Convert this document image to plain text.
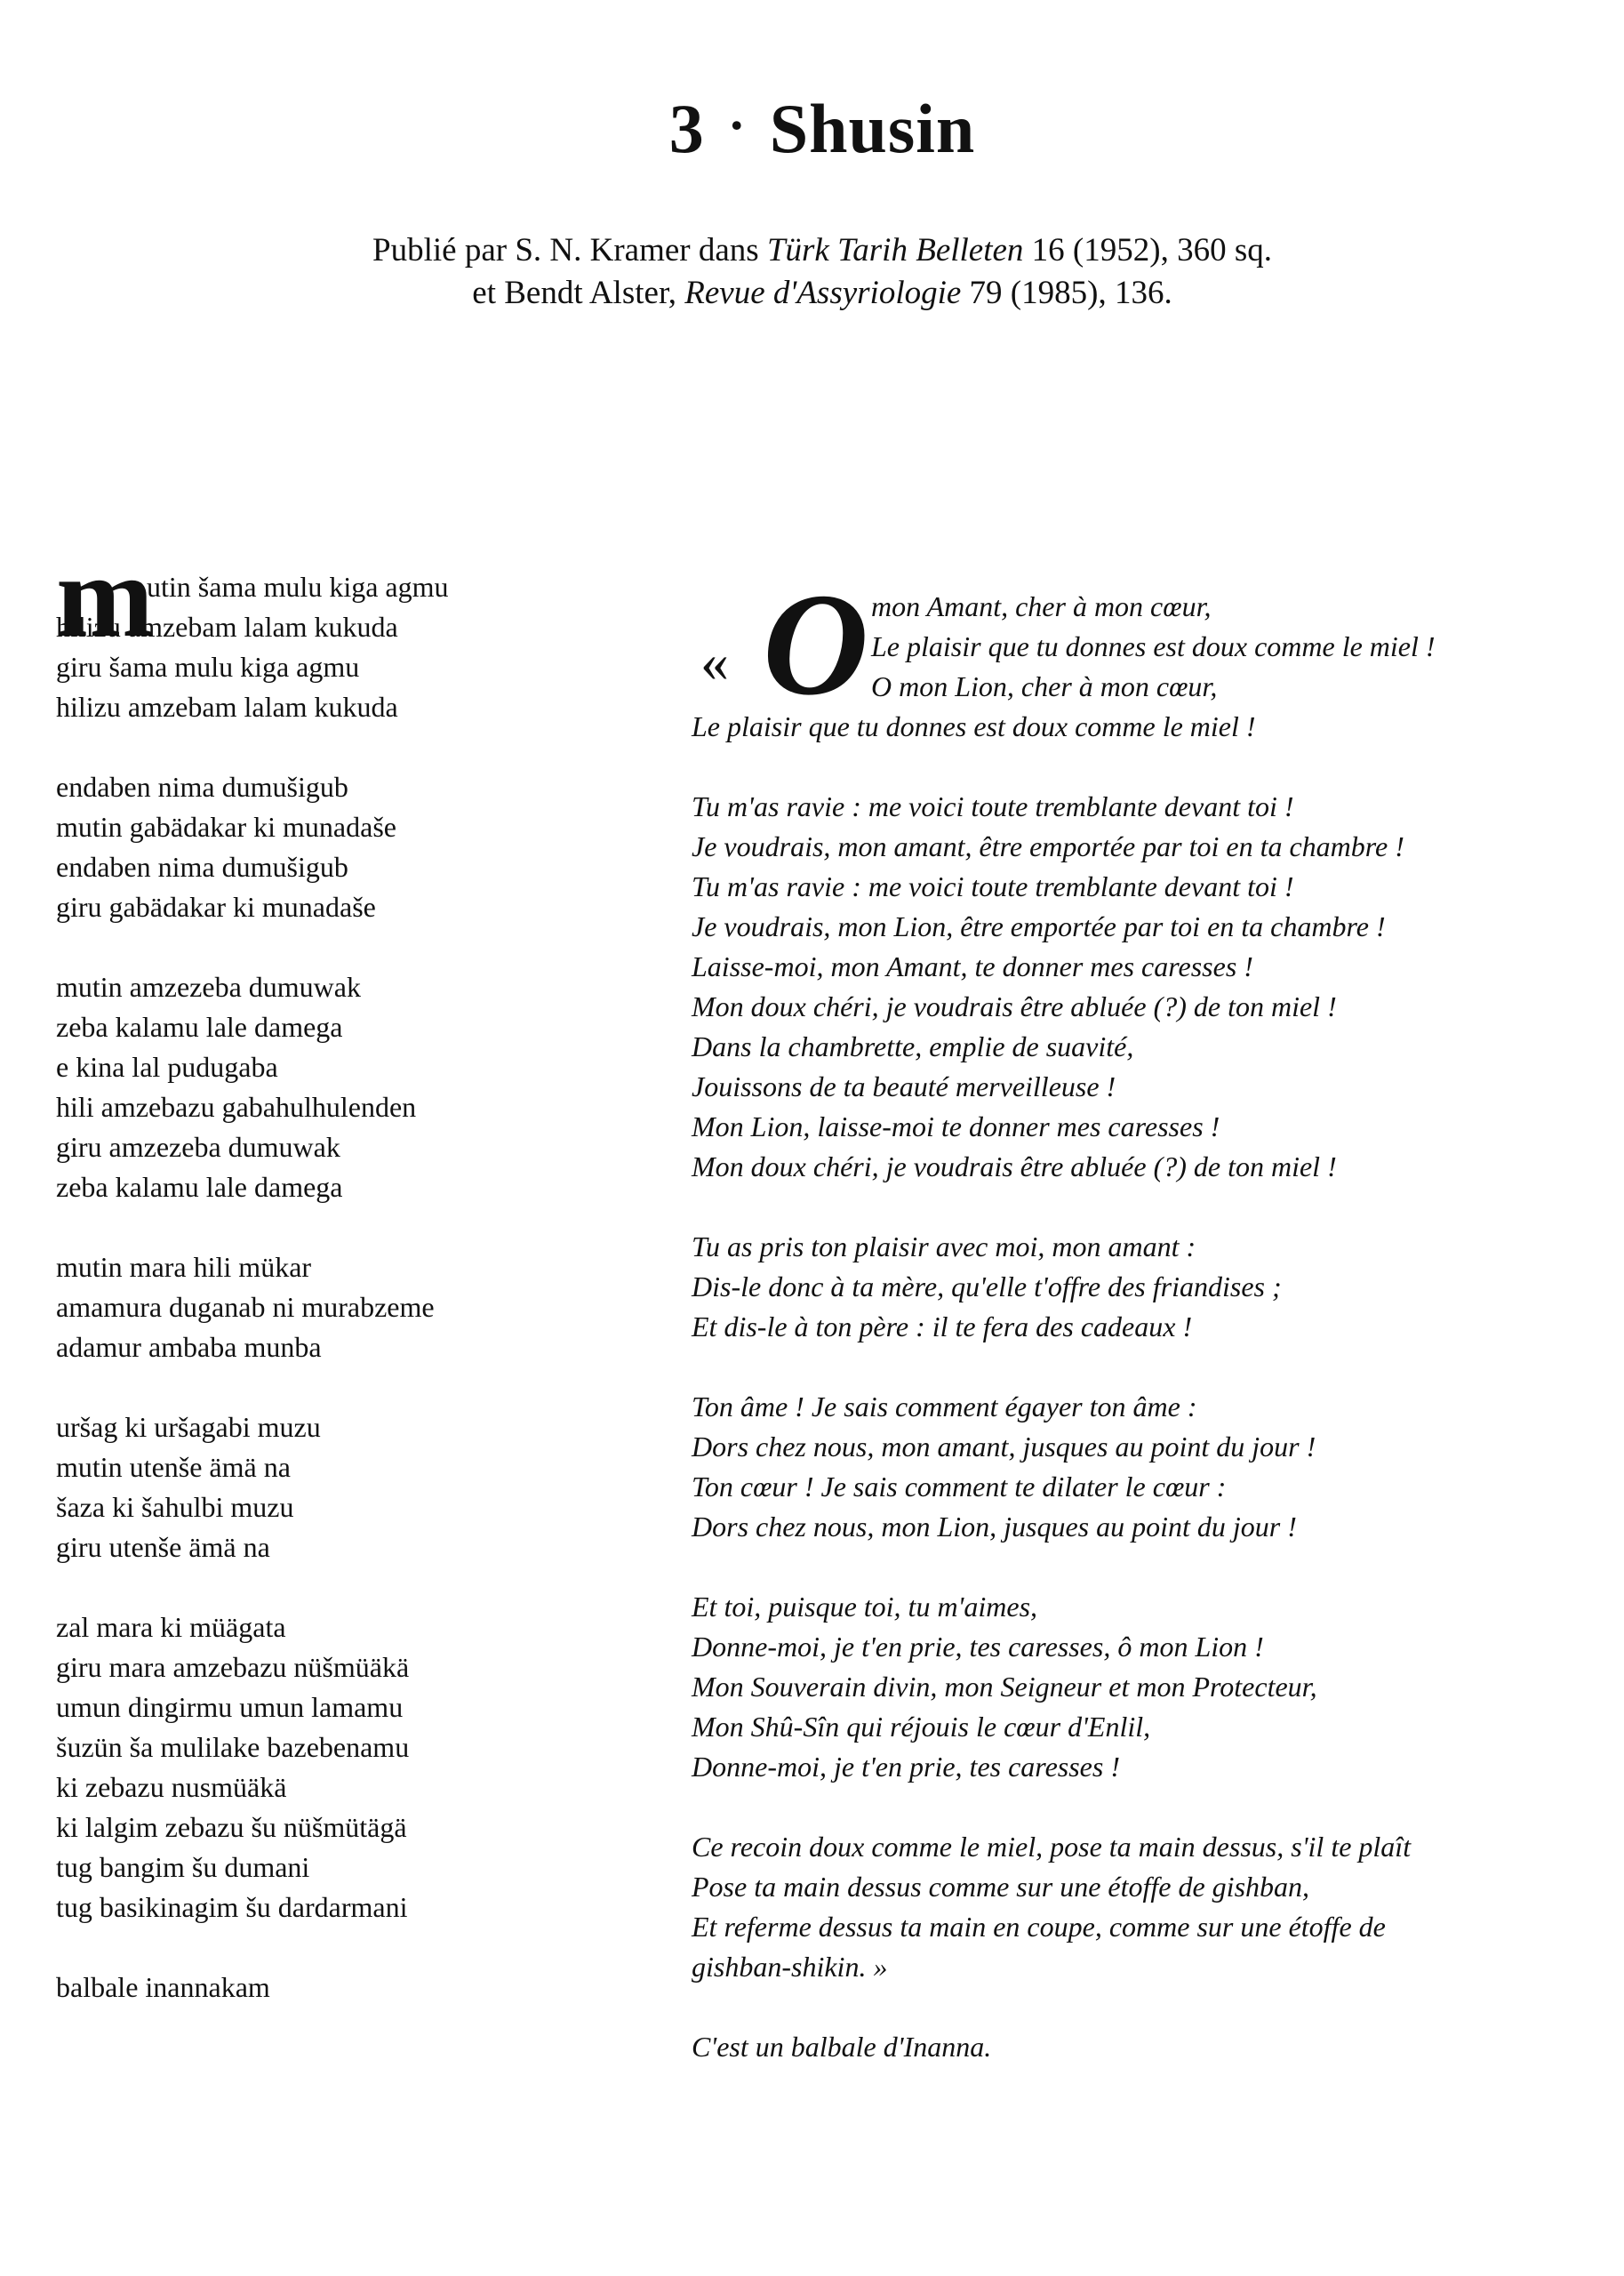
3 · Shusin
Publié par S. N. Kramer dans Türk Tarih Belleten 16 (1952), 360 sq.
et Bendt Alster, Revue d'Assyriologie 79 (1985), 136.
m
utin šama mulu kiga agmu
hilizu amzebam lalam kukuda
giru šama mulu kiga agmu
hilizu amzebam lalam kukuda
endaben nima dumušigub
mutin gabädakar ki munadaše
endaben nima dumušigub
giru gabädakar ki munadaše
mutin amzezeba dumuwak
zeba kalamu lale damega
e kina lal pudugaba
hili amzebazu gabahulhulenden
giru amzezeba dumuwak
zeba kalamu lale damega
mutin mara hili mükar
amamura duganab ni murabzeme
adamur ambaba munba
uršag ki uršagabi muzu
mutin utenše ämä na
šaza ki šahulbi muzu
giru utenše ämä na
zal mara ki müägata
giru mara amzebazu nüšmüäkä
umun dingirmu umun lamamu
šuzün ša mulilake bazebenamu
ki zebazu nusmüäkä
ki lalgim zebazu šu nüšmütägä
tug bangim šu dumani
tug basikinagim šu dardarmani
balbale inannakam
« O mon Amant, cher à mon cœur,
Le plaisir que tu donnes est doux comme le miel !
O mon Lion, cher à mon cœur,
Le plaisir que tu donnes est doux comme le miel !
Tu m'as ravie : me voici toute tremblante devant toi !
Je voudrais, mon amant, être emportée par toi en ta chambre !
Tu m'as ravie : me voici toute tremblante devant toi !
Je voudrais, mon Lion, être emportée par toi en ta chambre !
Laisse-moi, mon Amant, te donner mes caresses !
Mon doux chéri, je voudrais être abluée (?) de ton miel !
Dans la chambrette, emplie de suavité,
Jouissons de ta beauté merveilleuse !
Mon Lion, laisse-moi te donner mes caresses !
Mon doux chéri, je voudrais être abluée (?) de ton miel !
Tu as pris ton plaisir avec moi, mon amant :
Dis-le donc à ta mère, qu'elle t'offre des friandises ;
Et dis-le à ton père : il te fera des cadeaux !
Ton âme ! Je sais comment égayer ton âme :
Dors chez nous, mon amant, jusques au point du jour !
Ton cœur ! Je sais comment te dilater le cœur :
Dors chez nous, mon Lion, jusques au point du jour !
Et toi, puisque toi, tu m'aimes,
Donne-moi, je t'en prie, tes caresses, ô mon Lion !
Mon Souverain divin, mon Seigneur et mon Protecteur,
Mon Shû-Sîn qui réjouis le cœur d'Enlil,
Donne-moi, je t'en prie, tes caresses !
Ce recoin doux comme le miel, pose ta main dessus, s'il te plaît
Pose ta main dessus comme sur une étoffe de gishban,
Et referme dessus ta main en coupe, comme sur une étoffe de
gishban-shikin. »
C'est un balbale d'Inanna.
